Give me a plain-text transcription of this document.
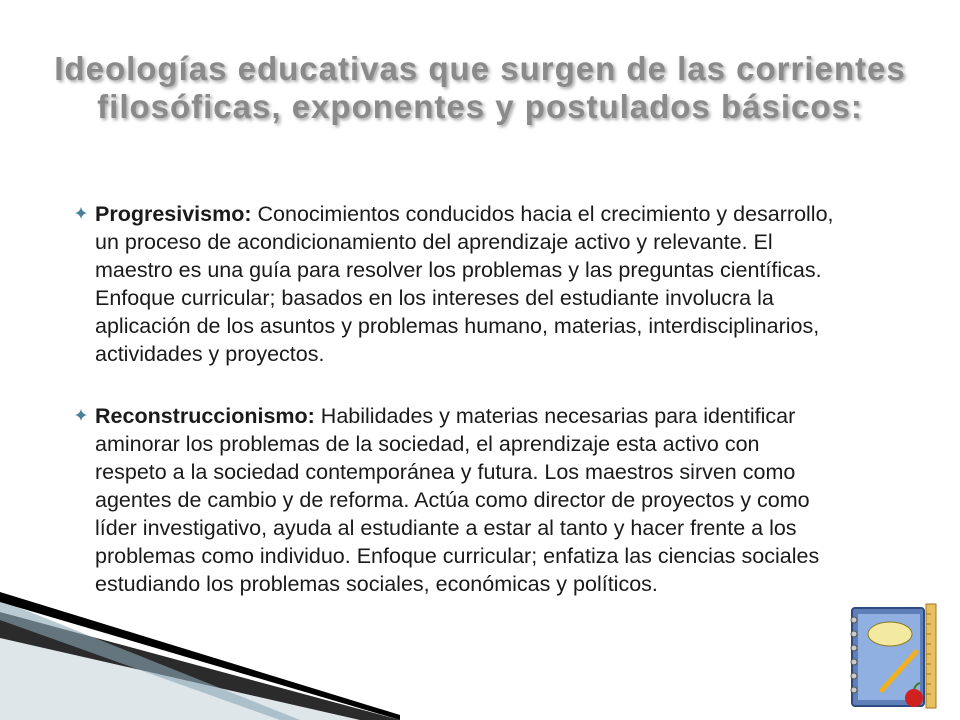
Ideologías educativas que surgen de las corrientes
filosóficas, exponentes y postulados básicos:
Progresivismo: Conocimientos conducidos hacia el crecimiento y desarrollo, un proceso de acondicionamiento del aprendizaje activo y relevante. El maestro es una guía para resolver los problemas y las preguntas científicas. Enfoque curricular; basados en los intereses del estudiante involucra la aplicación de los asuntos y problemas humano, materias, interdisciplinarios, actividades y proyectos.
Reconstruccionismo: Habilidades y materias necesarias para identificar aminorar los problemas de la sociedad, el aprendizaje esta activo con respeto a la sociedad contemporánea y futura. Los maestros sirven como agentes de cambio y de reforma. Actúa como director de proyectos y como líder investigativo, ayuda al estudiante a estar al tanto y hacer frente a los problemas como individuo. Enfoque curricular; enfatiza las ciencias sociales estudiando los problemas sociales, económicas y políticos.
